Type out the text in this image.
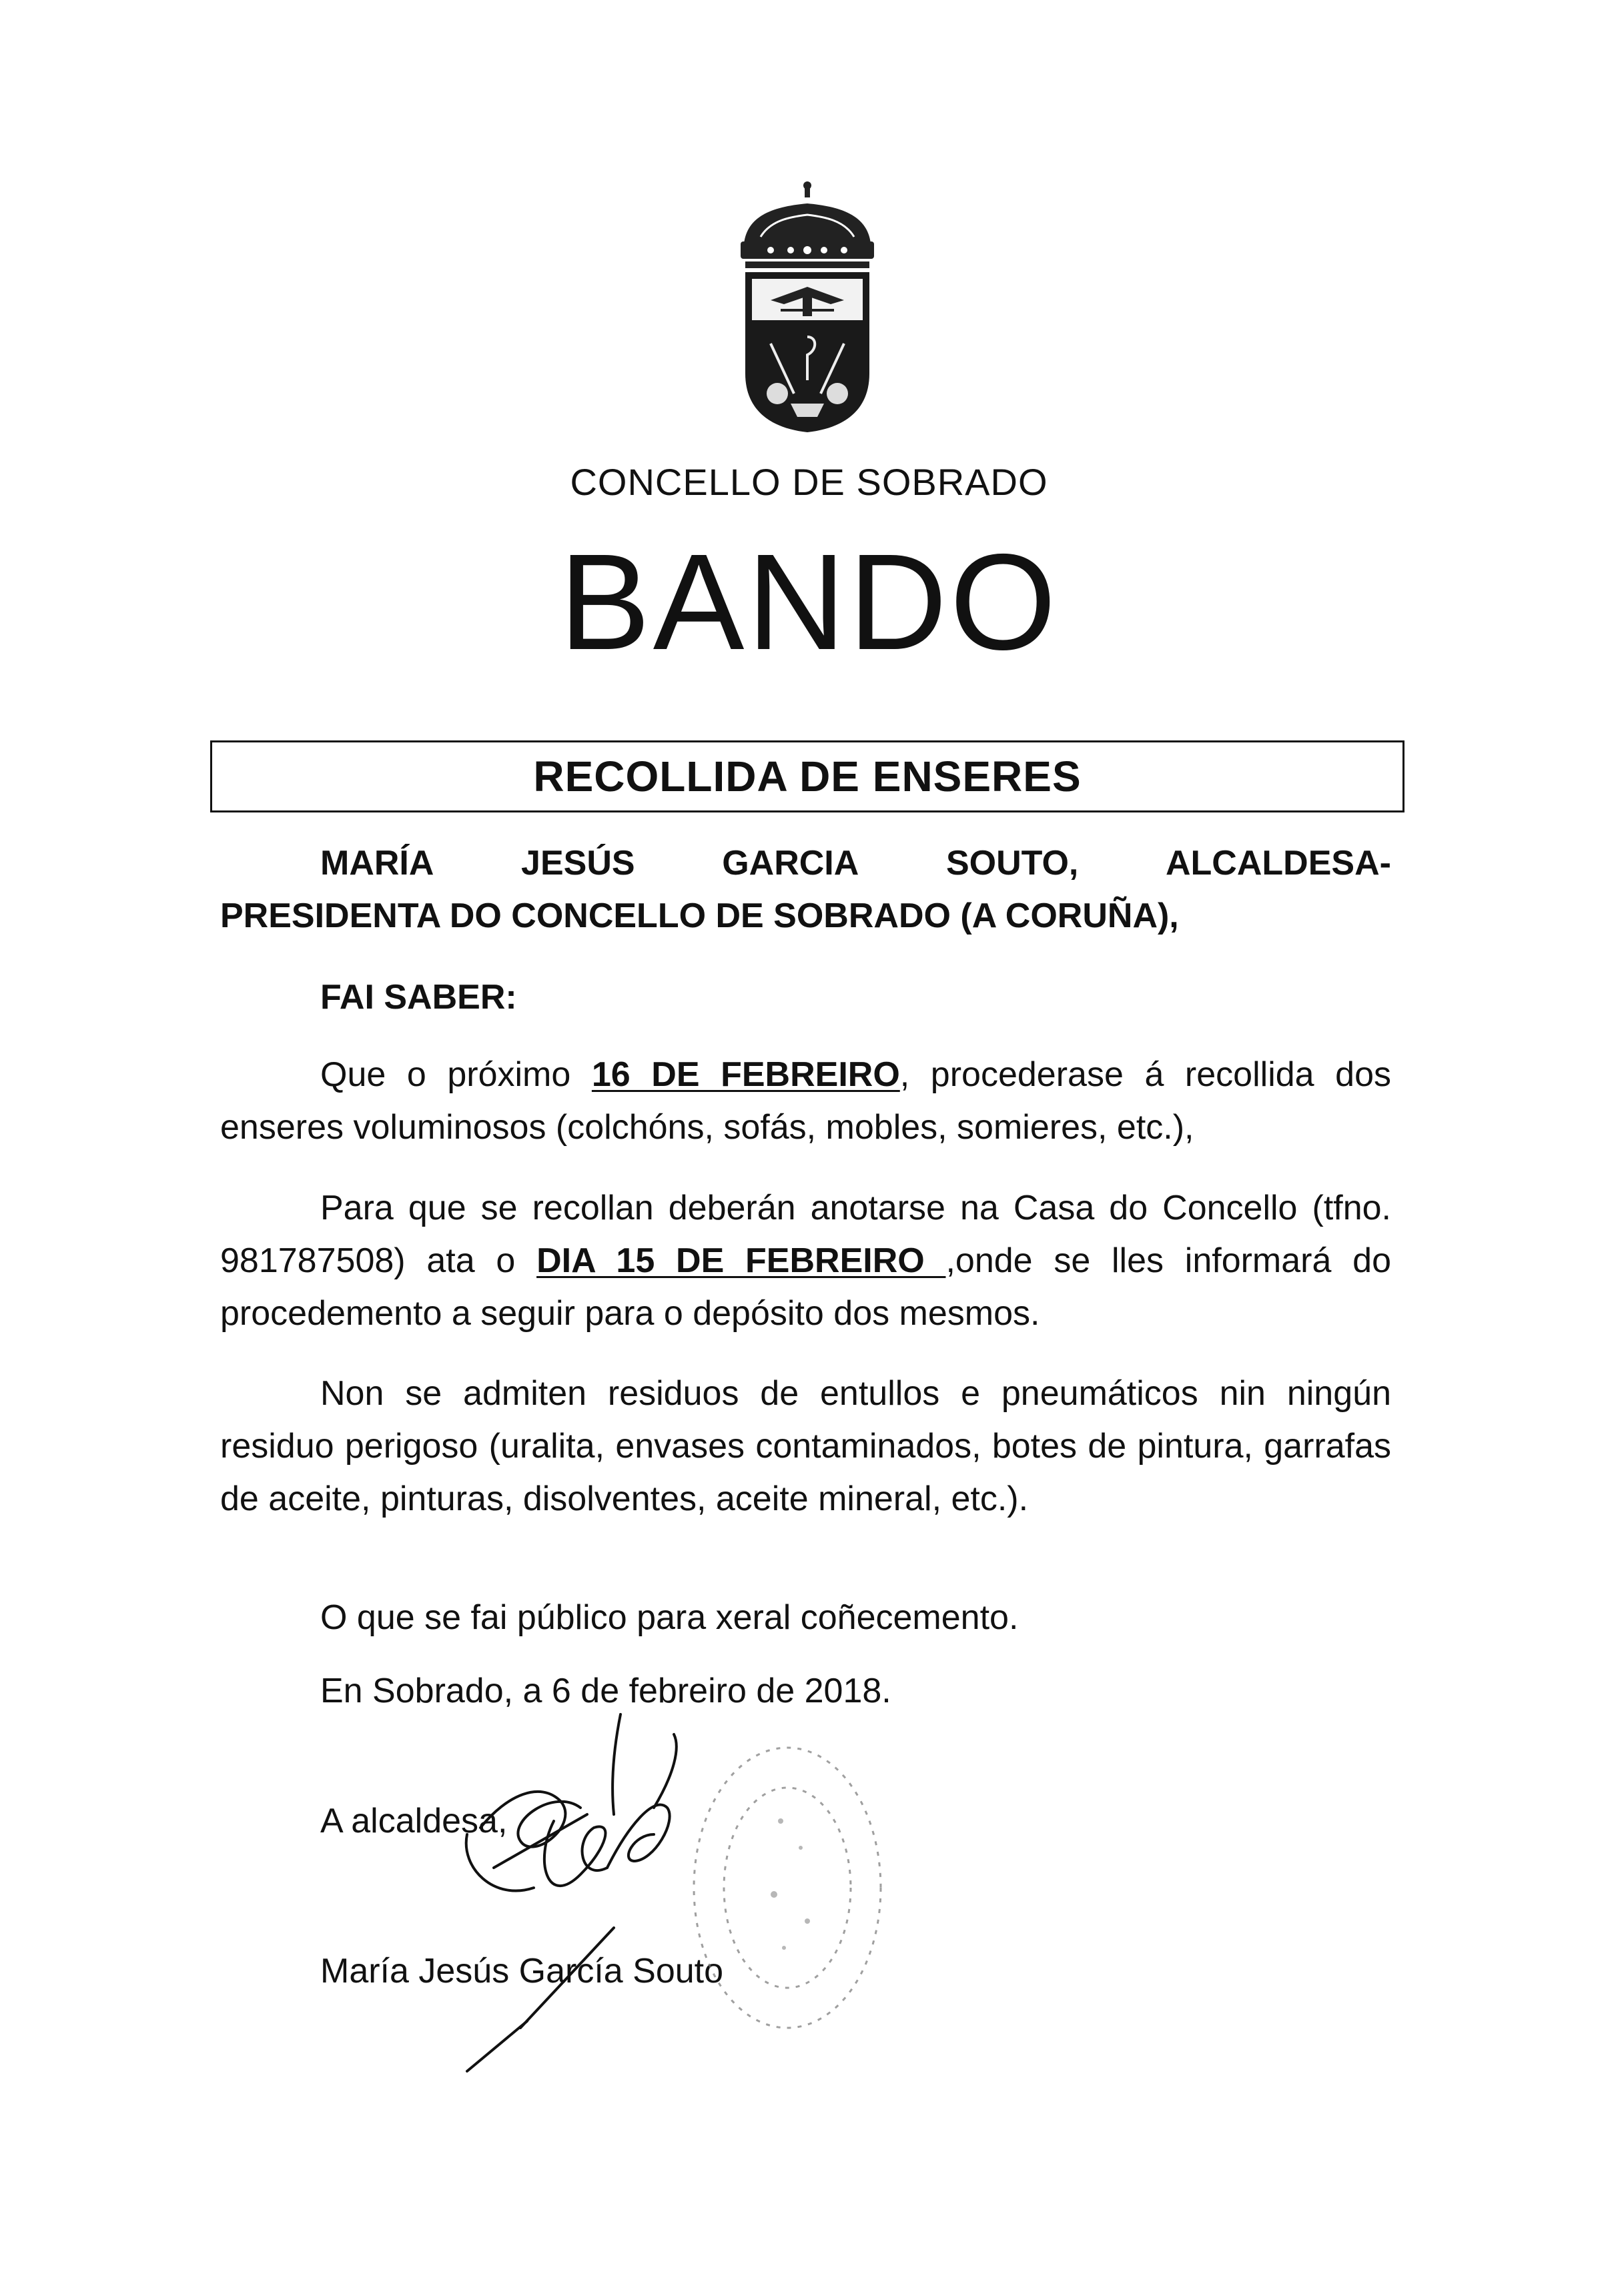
CONCELLO DE SOBRADO
BANDO
RECOLLIDA DE ENSERES
MARÍA	JESÚS	GARCIA	SOUTO,	ALCALDESA-
PRESIDENTA DO CONCELLO DE SOBRADO (A CORUÑA),
FAI SABER:

Que o próximo 16 DE FEBREIRO, procederase á recollida dos enseres voluminosos (colchóns, sofás, mobles, somieres, etc.),

Para que se recollan deberán anotarse na Casa do Concello (tfno. 981787508) ata o DIA 15 DE FEBREIRO ,onde se lles informará do procedemento a seguir para o depósito dos mesmos.

Non se admiten residuos de entullos e pneumáticos nin ningún residuo perigoso (uralita, envases contaminados, botes de pintura, garrafas de aceite, pinturas, disolventes, aceite mineral, etc.).

O que se fai público para xeral coñecemento.
En Sobrado, a 6 de febreiro de 2018.
A alcaldesa,
María Jesús García Souto
